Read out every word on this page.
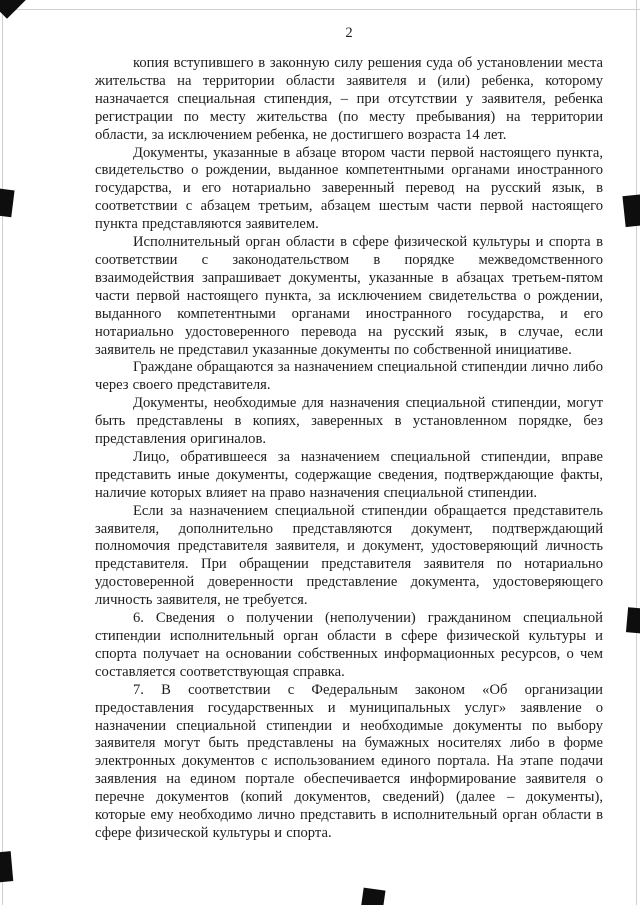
2

копия вступившего в законную силу решения суда об установлении места жительства на территории области заявителя и (или) ребенка, которому назначается специальная стипендия, – при отсутствии у заявителя, ребенка регистрации по месту жительства (по месту пребывания) на территории области, за исключением ребенка, не достигшего возраста 14 лет.

Документы, указанные в абзаце втором части первой настоящего пункта, свидетельство о рождении, выданное компетентными органами иностранного государства, и его нотариально заверенный перевод на русский язык, в соответствии с абзацем третьим, абзацем шестым части первой настоящего пункта представляются заявителем.

Исполнительный орган области в сфере физической культуры и спорта в соответствии с законодательством в порядке межведомственного взаимодействия запрашивает документы, указанные в абзацах третьем-пятом части первой настоящего пункта, за исключением свидетельства о рождении, выданного компетентными органами иностранного государства, и его нотариально удостоверенного перевода на русский язык, в случае, если заявитель не представил указанные документы по собственной инициативе.

Граждане обращаются за назначением специальной стипендии лично либо через своего представителя.

Документы, необходимые для назначения специальной стипендии, могут быть представлены в копиях, заверенных в установленном порядке, без представления оригиналов.

Лицо, обратившееся за назначением специальной стипендии, вправе представить иные документы, содержащие сведения, подтверждающие факты, наличие которых влияет на право назначения специальной стипендии.

Если за назначением специальной стипендии обращается представитель заявителя, дополнительно представляются документ, подтверждающий полномочия представителя заявителя, и документ, удостоверяющий личность представителя. При обращении представителя заявителя по нотариально удостоверенной доверенности представление документа, удостоверяющего личность заявителя, не требуется.

6. Сведения о получении (неполучении) гражданином специальной стипендии исполнительный орган области в сфере физической культуры и спорта получает на основании собственных информационных ресурсов, о чем составляется соответствующая справка.

7. В соответствии с Федеральным законом «Об организации предоставления государственных и муниципальных услуг» заявление о назначении специальной стипендии и необходимые документы по выбору заявителя могут быть представлены на бумажных носителях либо в форме электронных документов с использованием единого портала. На этапе подачи заявления на едином портале обеспечивается информирование заявителя о перечне документов (копий документов, сведений) (далее – документы), которые ему необходимо лично представить в исполнительный орган области в сфере физической культуры и спорта.
